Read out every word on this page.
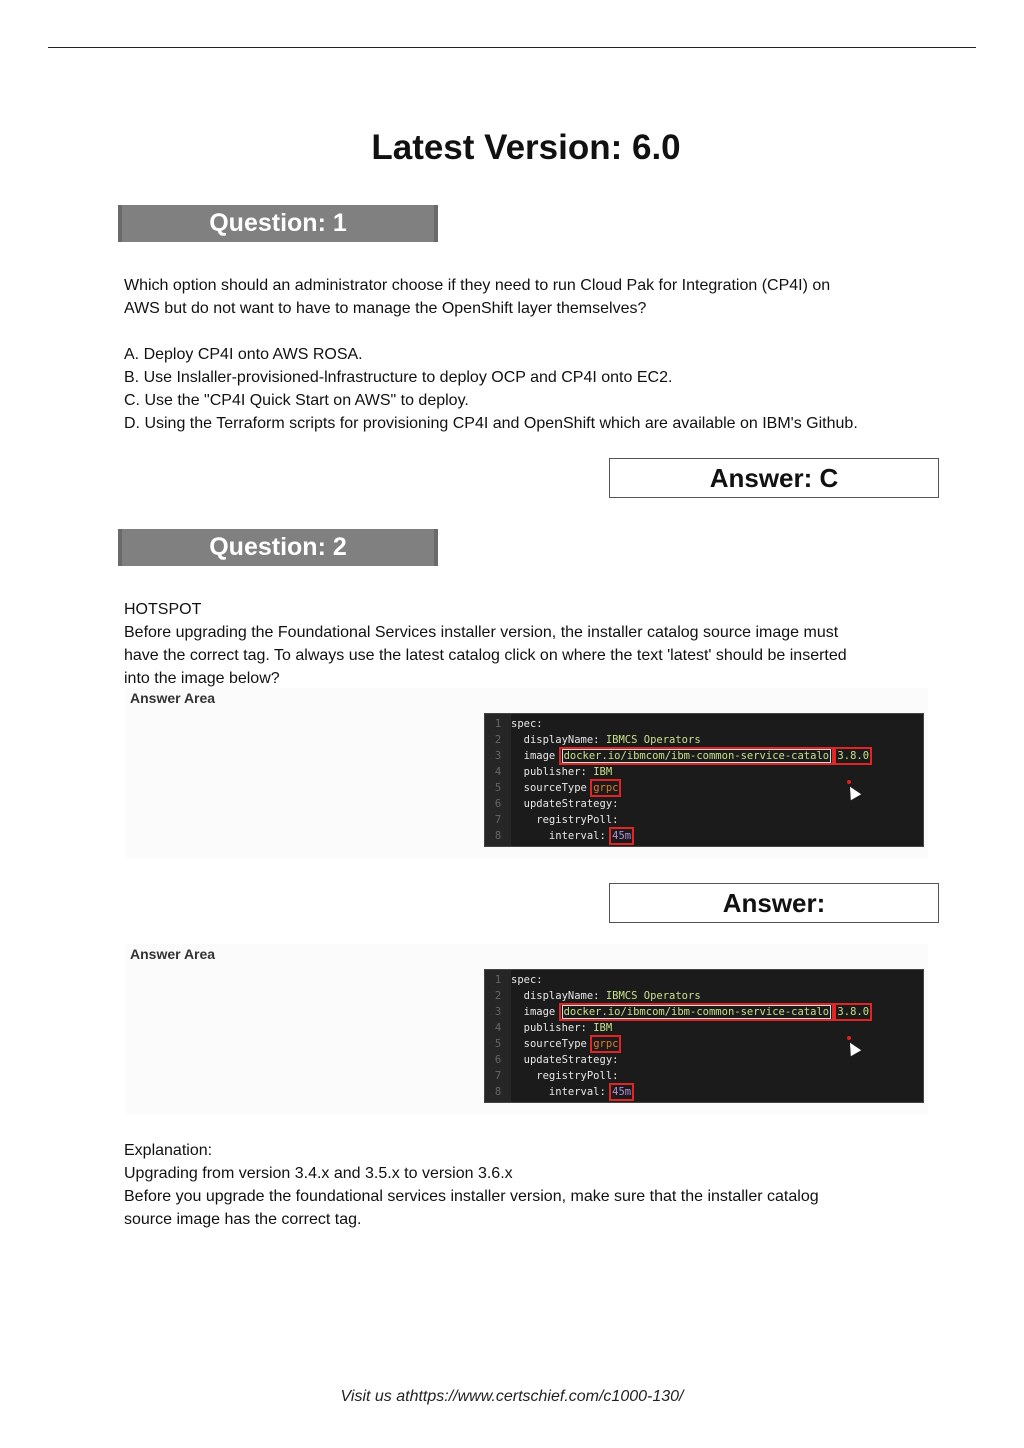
Latest Version: 6.0
Question: 1

Which option should an administrator choose if they need to run Cloud Pak for Integration (CP4I) on

AWS but do not want to have to manage the OpenShift layer themselves?

A. Deploy CP4I onto AWS ROSA.

B. Use Inslaller-provisioned-lnfrastructure to deploy OCP and CP4I onto EC2.

C. Use the "CP4I Quick Start on AWS" to deploy.

D. Using the Terraform scripts for provisioning CP4I and OpenShift which are available on IBM's Github.

Answer: C
Question: 2

HOTSPOT

Before upgrading the Foundational Services installer version, the installer catalog source image must

have the correct tag. To always use the latest catalog click on where the text 'latest' should be inserted

into the image below?

Answer Area
1 spec:
2  displayName: IBMCS Operators
3  image docker.io/ibmcom/ibm-common-service-catalo 3.8.0
4  publisher: IBM
5  sourceType grpc
6  updateStrategy:
7    registryPoll:
8      interval: 45m
Answer:
Answer Area
1 spec:
2  displayName: IBMCS Operators
3  image docker.io/ibmcom/ibm-common-service-catalo 3.8.0
4  publisher: IBM
5  sourceType grpc
6  updateStrategy:
7    registryPoll:
8      interval: 45m

Explanation:

Upgrading from version 3.4.x and 3.5.x to version 3.6.x

Before you upgrade the foundational services installer version, make sure that the installer catalog

source image has the correct tag.

Visit us athttps://www.certschief.com/c1000-130/
